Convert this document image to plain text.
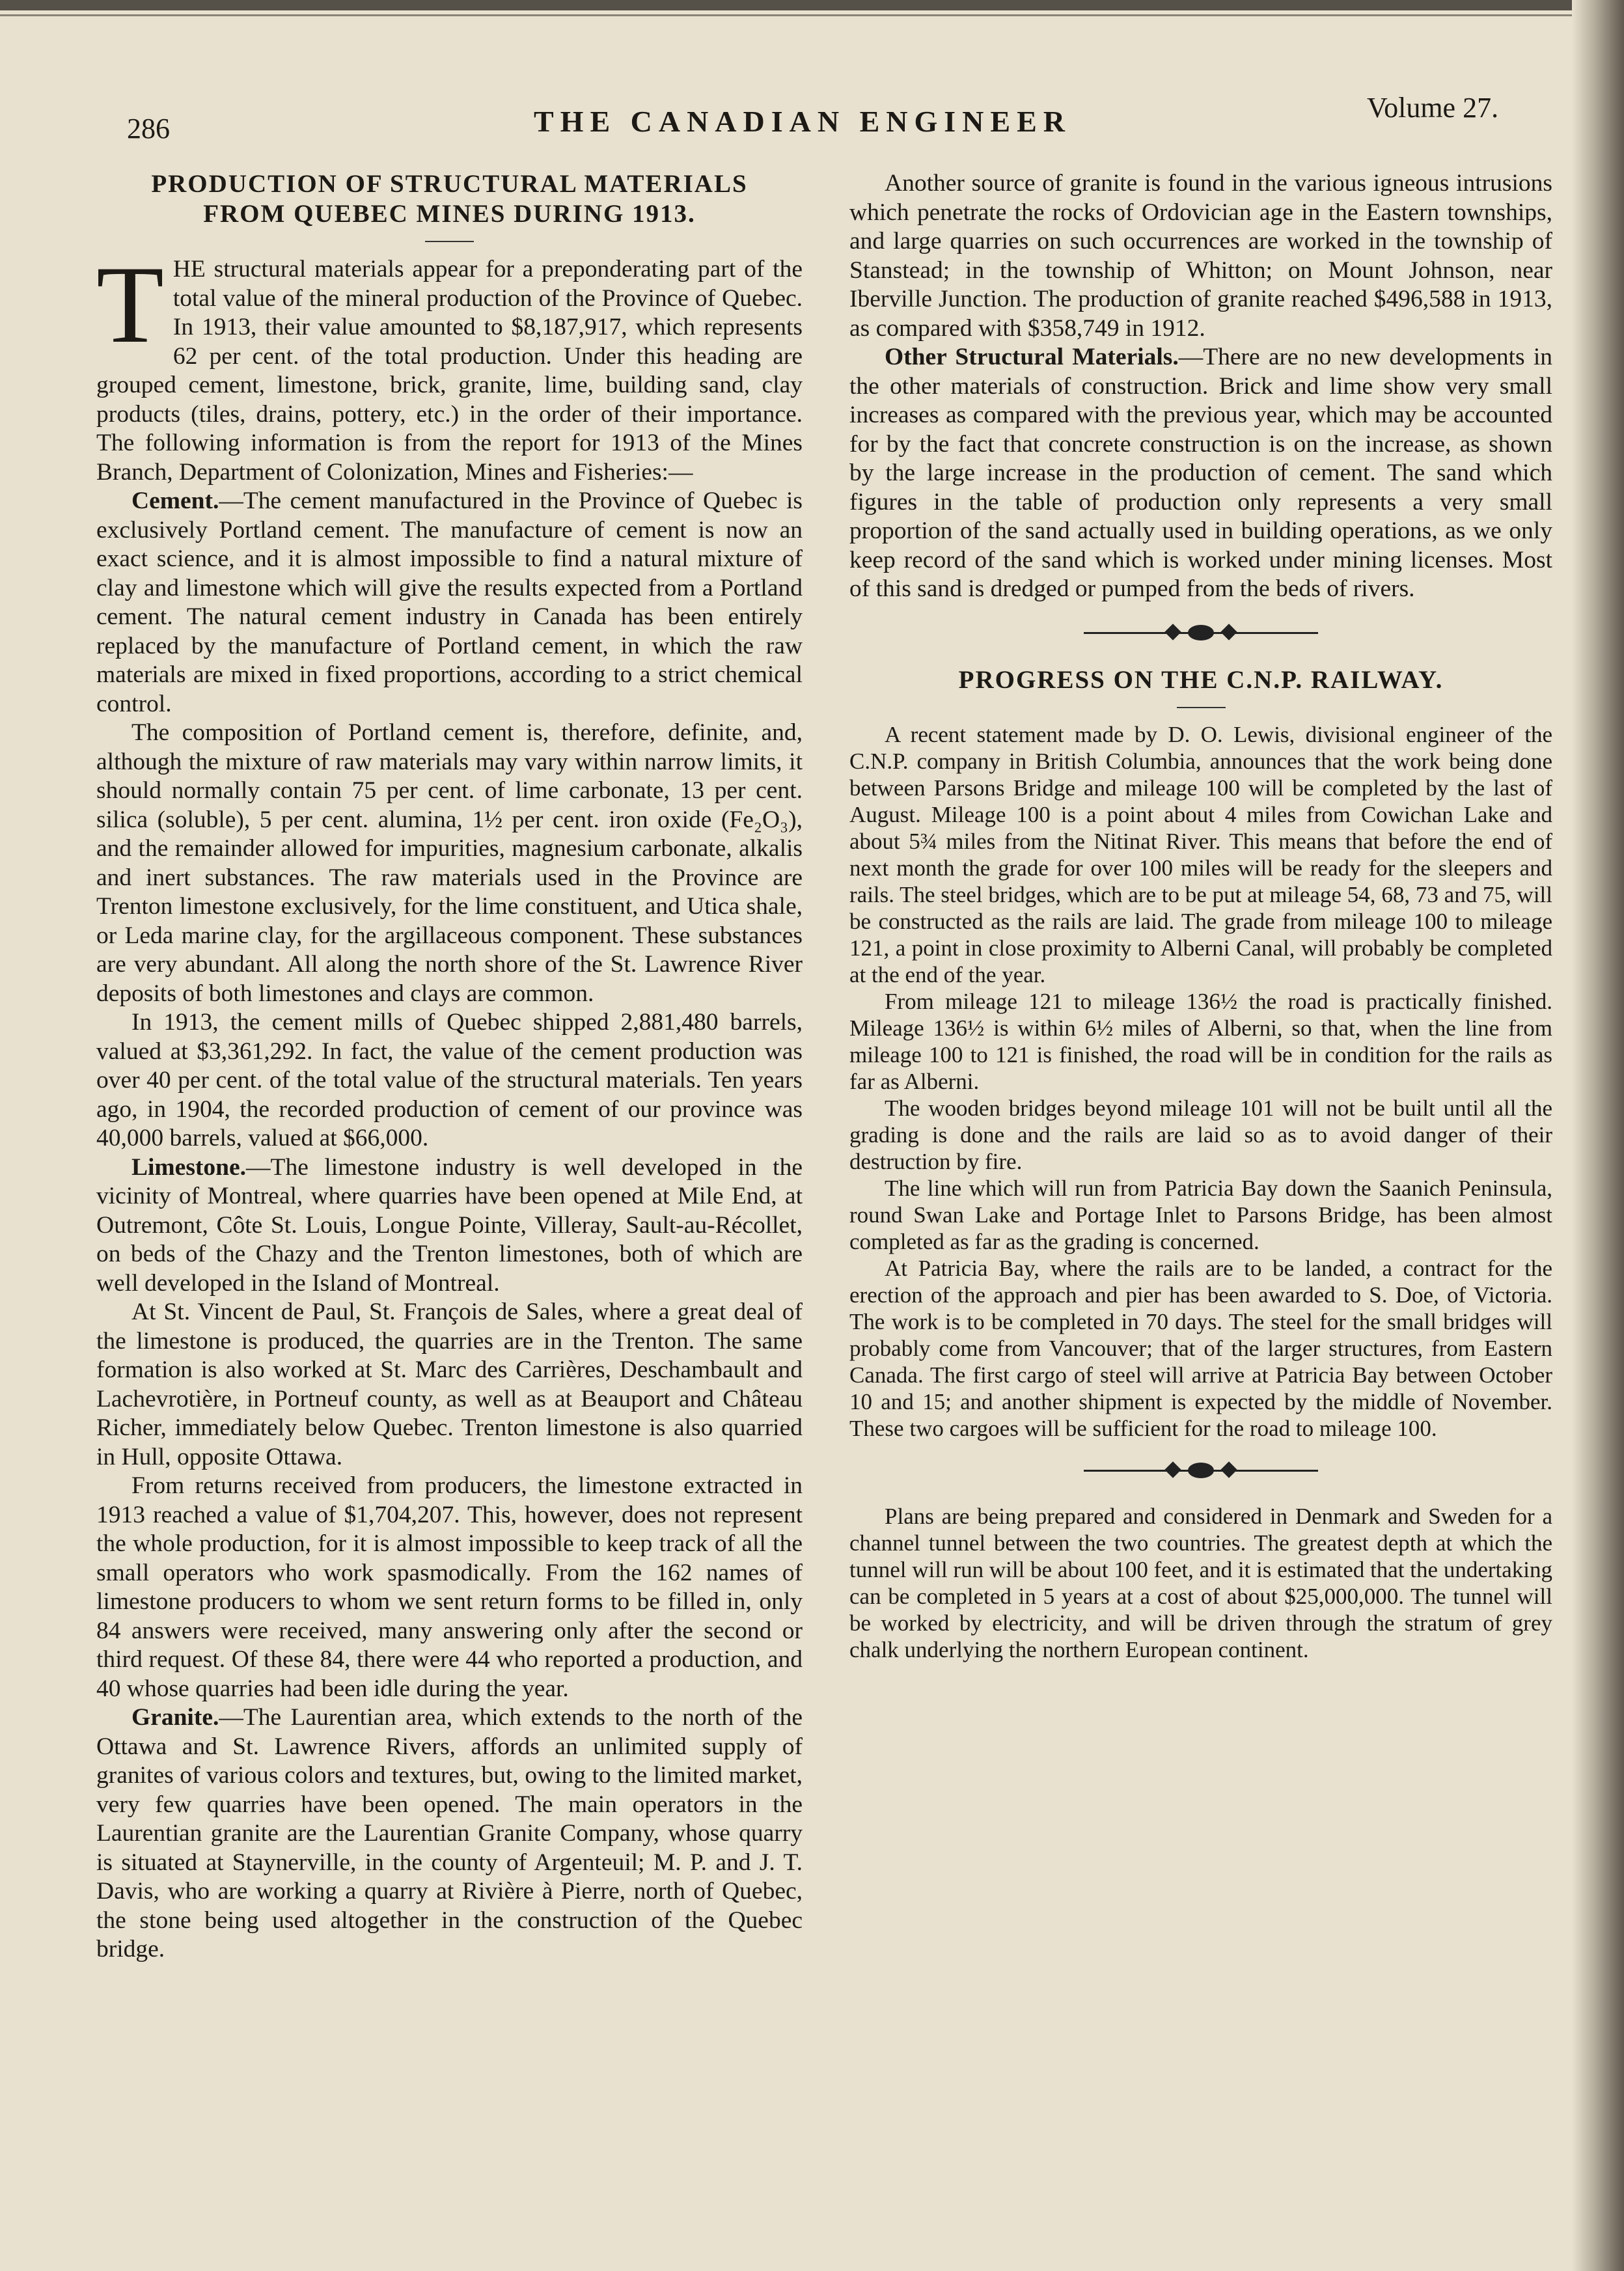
286	THE CANADIAN ENGINEER	Volume 27.
PRODUCTION OF STRUCTURAL MATERIALS
FROM QUEBEC MINES DURING 1913.

THE structural materials appear for a preponderating part of the total value of the mineral production of the Province of Quebec. In 1913, their value amounted to $8,187,917, which represents 62 per cent. of the total production. Under this heading are grouped cement, limestone, brick, granite, lime, building sand, clay products (tiles, drains, pottery, etc.) in the order of their importance. The following information is from the report for 1913 of the Mines Branch, Department of Colonization, Mines and Fisheries:—

Cement.—The cement manufactured in the Province of Quebec is exclusively Portland cement. The manufacture of cement is now an exact science, and it is almost impossible to find a natural mixture of clay and limestone which will give the results expected from a Portland cement. The natural cement industry in Canada has been entirely replaced by the manufacture of Portland cement, in which the raw materials are mixed in fixed proportions, according to a strict chemical control.

The composition of Portland cement is, therefore, definite, and, although the mixture of raw materials may vary within narrow limits, it should normally contain 75 per cent. of lime carbonate, 13 per cent. silica (soluble), 5 per cent. alumina, 1½ per cent. iron oxide (Fe₂O₃), and the remainder allowed for impurities, magnesium carbonate, alkalis and inert substances. The raw materials used in the Province are Trenton limestone exclusively, for the lime constituent, and Utica shale, or Leda marine clay, for the argillaceous component. These substances are very abundant. All along the north shore of the St. Lawrence River deposits of both limestones and clays are common.

In 1913, the cement mills of Quebec shipped 2,881,480 barrels, valued at $3,361,292. In fact, the value of the cement production was over 40 per cent. of the total value of the structural materials. Ten years ago, in 1904, the recorded production of cement of our province was 40,000 barrels, valued at $66,000.

Limestone.—The limestone industry is well developed in the vicinity of Montreal, where quarries have been opened at Mile End, at Outremont, Côte St. Louis, Longue Pointe, Villeray, Sault-au-Récollet, on beds of the Chazy and the Trenton limestones, both of which are well developed in the Island of Montreal.

At St. Vincent de Paul, St. François de Sales, where a great deal of the limestone is produced, the quarries are in the Trenton. The same formation is also worked at St. Marc des Carrières, Deschambault and Lachevrotière, in Portneuf county, as well as at Beauport and Château Richer, immediately below Quebec. Trenton limestone is also quarried in Hull, opposite Ottawa.

From returns received from producers, the limestone extracted in 1913 reached a value of $1,704,207. This, however, does not represent the whole production, for it is almost impossible to keep track of all the small operators who work spasmodically. From the 162 names of limestone producers to whom we sent return forms to be filled in, only 84 answers were received, many answering only after the second or third request. Of these 84, there were 44 who reported a production, and 40 whose quarries had been idle during the year.

Granite.—The Laurentian area, which extends to the north of the Ottawa and St. Lawrence Rivers, affords an unlimited supply of granites of various colors and textures, but, owing to the limited market, very few quarries have been opened. The main operators in the Laurentian granite are the Laurentian Granite Company, whose quarry is situated at Staynerville, in the county of Argenteuil; M. P. and J. T. Davis, who are working a quarry at Rivière à Pierre, north of Quebec, the stone being used altogether in the construction of the Quebec bridge.

Another source of granite is found in the various igneous intrusions which penetrate the rocks of Ordovician age in the Eastern townships, and large quarries on such occurrences are worked in the township of Stanstead; in the township of Whitton; on Mount Johnson, near Iberville Junction. The production of granite reached $496,588 in 1913, as compared with $358,749 in 1912.

Other Structural Materials.—There are no new developments in the other materials of construction. Brick and lime show very small increases as compared with the previous year, which may be accounted for by the fact that concrete construction is on the increase, as shown by the large increase in the production of cement. The sand which figures in the table of production only represents a very small proportion of the sand actually used in building operations, as we only keep record of the sand which is worked under mining licenses. Most of this sand is dredged or pumped from the beds of rivers.

PROGRESS ON THE C.N.P. RAILWAY.

A recent statement made by D. O. Lewis, divisional engineer of the C.N.P. company in British Columbia, announces that the work being done between Parsons Bridge and mileage 100 will be completed by the last of August. Mileage 100 is a point about 4 miles from Cowichan Lake and about 5¾ miles from the Nitinat River. This means that before the end of next month the grade for over 100 miles will be ready for the sleepers and rails. The steel bridges, which are to be put at mileage 54, 68, 73 and 75, will be constructed as the rails are laid. The grade from mileage 100 to mileage 121, a point in close proximity to Alberni Canal, will probably be completed at the end of the year.

From mileage 121 to mileage 136½ the road is practically finished. Mileage 136½ is within 6½ miles of Alberni, so that, when the line from mileage 100 to 121 is finished, the road will be in condition for the rails as far as Alberni.

The wooden bridges beyond mileage 101 will not be built until all the grading is done and the rails are laid so as to avoid danger of their destruction by fire.

The line which will run from Patricia Bay down the Saanich Peninsula, round Swan Lake and Portage Inlet to Parsons Bridge, has been almost completed as far as the grading is concerned.

At Patricia Bay, where the rails are to be landed, a contract for the erection of the approach and pier has been awarded to S. Doe, of Victoria. The work is to be completed in 70 days. The steel for the small bridges will probably come from Vancouver; that of the larger structures, from Eastern Canada. The first cargo of steel will arrive at Patricia Bay between October 10 and 15; and another shipment is expected by the middle of November. These two cargoes will be sufficient for the road to mileage 100.

Plans are being prepared and considered in Denmark and Sweden for a channel tunnel between the two countries. The greatest depth at which the tunnel will run will be about 100 feet, and it is estimated that the undertaking can be completed in 5 years at a cost of about $25,000,000. The tunnel will be worked by electricity, and will be driven through the stratum of grey chalk underlying the northern European continent.
